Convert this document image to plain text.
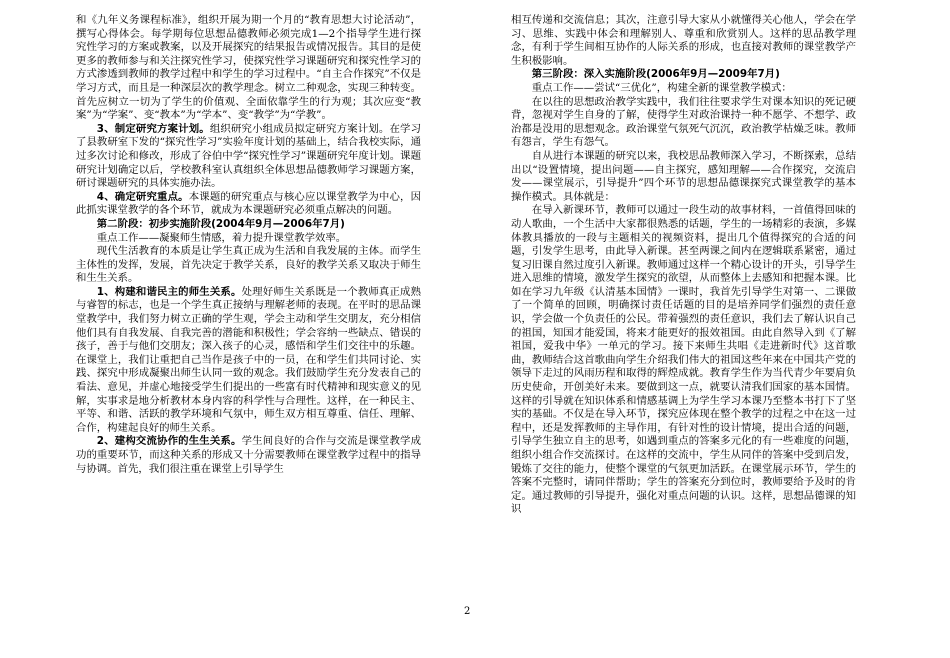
和《九年义务课程标准》，组织开展为期一个月的“教育思想大讨论活动”，撰写心得体会。每学期每位思想品德教师必须完成1—2个指导学生进行探究性学习的方案或教案，以及开展探究的结果报告或情况报告。其目的是使更多的教师参与和关注探究性学习，使探究性学习课题研究和探究性学习的方式渗透到教师的教学过程中和学生的学习过程中。“自主合作探究”不仅是学习方式，而且是一种深层次的教学理念。树立二种观念，实现三种转变。首先应树立一切为了学生的价值观、全面依靠学生的行为观；其次应变“教案”为“学案”、变“教本”为“学本”、变“教学”为“学教”。

3、制定研究方案计划。组织研究小组成员拟定研究方案计划。在学习了县教研室下发的“探究性学习”实验年度计划的基础上，结合我校实际，通过多次讨论和修改，形成了谷伯中学“探究性学习”课题研究年度计划。课题研究计划确定以后，学校教科室认真组织全体思想品德教师学习课题方案，研讨课题研究的具体实施办法。

4、确定研究重点。本课题的研究重点与核心应以课堂教学为中心，因此抓实课堂教学的各个环节，就成为本课题研究必须重点解决的问题。

第二阶段：初步实施阶段(2004年9月—2006年7月)

重点工作——凝聚师生情感，着力提升课堂教学效率。

现代生活教育的本质是让学生真正成为生活和自我发展的主体。而学生主体性的发挥，发展，首先决定于教学关系，良好的教学关系又取决于师生和生生关系。

1、构建和谐民主的师生关系。处理好师生关系既是一个教师真正成熟与睿智的标志，也是一个学生真正接纳与理解老师的表现。在平时的思品课堂教学中，我们努力树立正确的学生观，学会主动和学生交朋友，充分相信他们具有自我发展、自我完善的潜能和积极性；学会容纳一些缺点、错误的孩子，善于与他们交朋友；深入孩子的心灵，感悟和学生们交往中的乐趣。在课堂上，我们让重把自己当作是孩子中的一员，在和学生们共同讨论、实践、探究中形成凝聚出师生认同一致的观念。我们鼓励学生充分发表自己的看法、意见，并虚心地接受学生们提出的一些富有时代精神和现实意义的见解，实事求是地分析教材本身内容的科学性与合理性。这样，在一种民主、平等、和谐、活跃的教学环境和气氛中，师生双方相互尊重、信任、理解、合作，构建起良好的师生关系。

2、建构交流协作的生生关系。学生间良好的合作与交流是课堂教学成功的重要环节，而这种关系的形成又十分需要教师在课堂教学过程中的指导与协调。首先，我们很注重在课堂上引导学生

相互传递和交流信息；其次，注意引导大家从小就懂得关心他人，学会在学习、思维、实践中体会和理解别人、尊重和欣赏别人。这样的思品教学理念，有利于学生间相互协作的人际关系的形成，也直接对教师的课堂教学产生积极影响。

第三阶段：深入实施阶段(2006年9月—2009年7月)

重点工作——尝试“三优化”，构建全新的课堂教学模式：

在以往的思想政治教学实践中，我们往往要求学生对课本知识的死记硬背，忽视对学生自身的了解，使得学生对政治课持一种不愿学、不想学、政治都是没用的思想观念。政治课堂气氛死气沉沉，政治教学枯燥乏味。教师有怨言，学生有怨气。

自从进行本课题的研究以来，我校思品教师深入学习，不断探索，总结出以“设置情境，提出问题——自主探究，感知理解——合作探究，交流启发——课堂展示，引导提升”四个环节的思想品德课探究式课堂教学的基本操作模式。具体就是：

在导入新课环节，教师可以通过一段生动的故事材料，一首值得回味的动人歌曲，一个生活中大家都很熟悉的话题，学生的一场精彩的表演，多媒体教具播放的一段与主题相关的视频资料，提出几个值得探究的合适的问题，引发学生思考，由此导入新课。甚至两课之间内在逻辑联系紧密，通过复习旧课自然过度引入新课。教师通过这样一个精心设计的开头，引导学生进入思维的情境，激发学生探究的欲望，从而整体上去感知和把握本课。比如在学习九年级《认清基本国情》一课时，我首先引导学生对第一、二课做了一个简单的回顾，明确探讨责任话题的目的是培养同学们强烈的责任意识，学会做一个负责任的公民。带着强烈的责任意识，我们去了解认识自己的祖国，知国才能爱国，将来才能更好的报效祖国。由此自然导入到《了解祖国，爱我中华》一单元的学习。接下来师生共唱《走进新时代》这首歌曲，教师结合这首歌曲向学生介绍我们伟大的祖国这些年来在中国共产党的领导下走过的风雨历程和取得的辉煌成就。教育学生作为当代青少年要肩负历史使命，开创美好未来。要做到这一点，就要认清我们国家的基本国情。这样的引导就在知识体系和情感基调上为学生学习本课乃至整本书打下了坚实的基础。不仅是在导入环节，探究应体现在整个教学的过程之中在这一过程中，还是发挥教师的主导作用，有针对性的设计情境，提出合适的问题，引导学生独立自主的思考，如遇到重点的答案多元化的有一些难度的问题，组织小组合作交流探讨。在这样的交流中，学生从同伴的答案中受到启发，锻炼了交往的能力，使整个课堂的气氛更加活跃。在课堂展示环节，学生的答案不完整时，请同伴帮助；学生的答案充分到位时，教师要给予及时的肯定。通过教师的引导提升，强化对重点问题的认识。这样，思想品德课的知识

2
